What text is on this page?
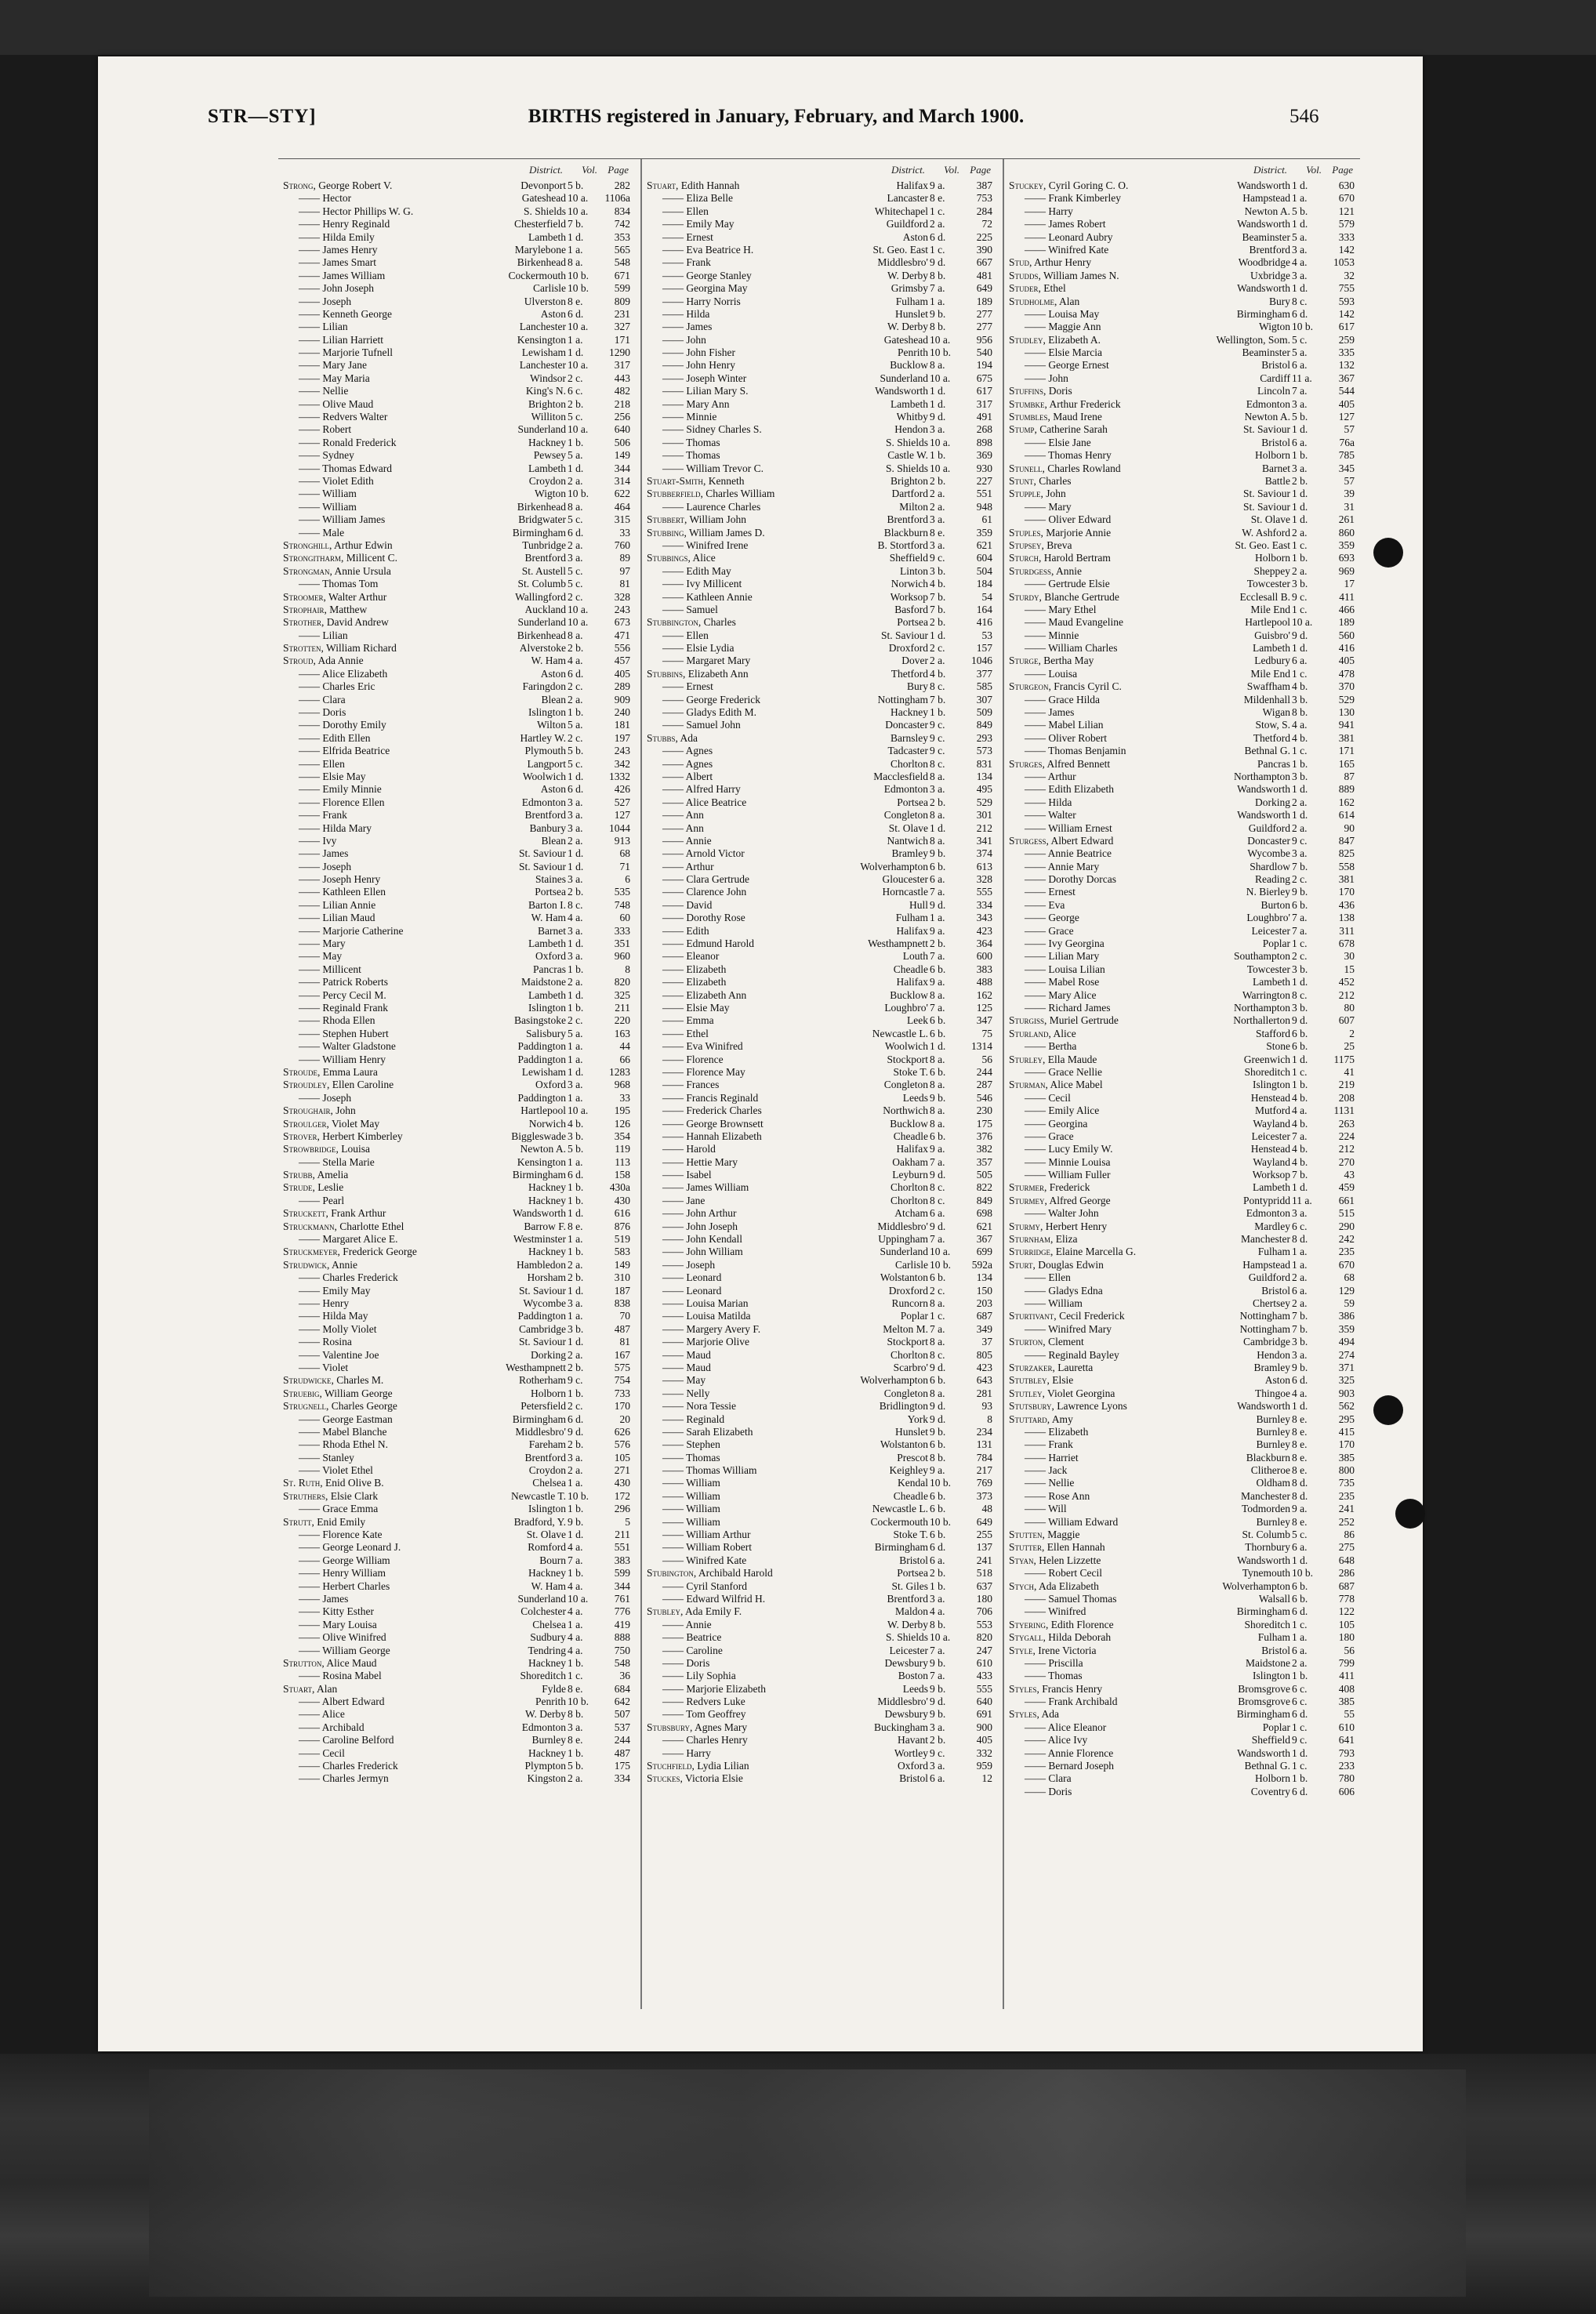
STR—STY]	BIRTHS registered in January, February, and March 1900.	546
District. Vol. Page
Strong, George Robert V.	Devonport 5 b.	282
—— Hector	Gateshead 10 a.	1106a
—— Hector Phillips W. G.	S. Shields 10 a.	834
—— Henry Reginald	Chesterfield 7 b.	742
—— Hilda Emily	Lambeth 1 d.	353
—— James Henry	Marylebone 1 a.	565
—— James Smart	Birkenhead 8 a.	548
—— James William	Cockermouth 10 b.	671
—— John Joseph	Carlisle 10 b.	599
—— Joseph	Ulverston 8 e.	809
—— Kenneth George	Aston 6 d.	231
—— Lilian	Lanchester 10 a.	327
—— Lilian Harriett	Kensington 1 a.	171
—— Marjorie Tufnell	Lewisham 1 d.	1290
—— Mary Jane	Lanchester 10 a.	317
—— May Maria	Windsor 2 c.	443
—— Nellie	King's N. 6 c.	482
—— Olive Maud	Brighton 2 b.	218
—— Redvers Walter	Williton 5 c.	256
—— Robert	Sunderland 10 a.	640
—— Ronald Frederick	Hackney 1 b.	506
—— Sydney	Pewsey 5 a.	149
—— Thomas Edward	Lambeth 1 d.	344
—— Violet Edith	Croydon 2 a.	314
—— William	Wigton 10 b.	622
—— William	Birkenhead 8 a.	464
—— William James	Bridgwater 5 c.	315
—— Male	Birmingham 6 d.	33
Stronghill, Arthur Edwin	Tunbridge 2 a.	760
Strongitharm, Millicent C.	Brentford 3 a.	89
Strongman, Annie Ursula	St. Austell 5 c.	97
—— Thomas Tom	St. Columb 5 c.	81
Stroomer, Walter Arthur	Wallingford 2 c.	328
Strophair, Matthew	Auckland 10 a.	243
Strother, David Andrew	Sunderland 10 a.	673
—— Lilian	Birkenhead 8 a.	471
Strotten, William Richard	Alverstoke 2 b.	556
Stroud, Ada Annie	W. Ham 4 a.	457
—— Alice Elizabeth	Aston 6 d.	405
—— Charles Eric	Faringdon 2 c.	289
—— Clara	Blean 2 a.	909
—— Doris	Islington 1 b.	240
—— Dorothy Emily	Wilton 5 a.	181
—— Edith Ellen	Hartley W. 2 c.	197
—— Elfrida Beatrice	Plymouth 5 b.	243
—— Ellen	Langport 5 c.	342
—— Elsie May	Woolwich 1 d.	1332
—— Emily Minnie	Aston 6 d.	426
—— Florence Ellen	Edmonton 3 a.	527
—— Frank	Brentford 3 a.	127
—— Hilda Mary	Banbury 3 a.	1044
—— Ivy	Blean 2 a.	913
—— James	St. Saviour 1 d.	68
—— Joseph	St. Saviour 1 d.	71
—— Joseph Henry	Staines 3 a.	6
—— Kathleen Ellen	Portsea 2 b.	535
—— Lilian Annie	Barton I. 8 c.	748
—— Lilian Maud	W. Ham 4 a.	60
—— Marjorie Catherine	Barnet 3 a.	333
—— Mary	Lambeth 1 d.	351
—— May	Oxford 3 a.	960
—— Millicent	Pancras 1 b.	8
—— Patrick Roberts	Maidstone 2 a.	820
—— Percy Cecil M.	Lambeth 1 d.	325
—— Reginald Frank	Islington 1 b.	211
—— Rhoda Ellen	Basingstoke 2 c.	220
—— Stephen Hubert	Salisbury 5 a.	163
—— Walter Gladstone	Paddington 1 a.	44
—— William Henry	Paddington 1 a.	66
Stroude, Emma Laura	Lewisham 1 d.	1283
Stroudley, Ellen Caroline	Oxford 3 a.	968
—— Joseph	Paddington 1 a.	33
Stroughair, John	Hartlepool 10 a.	195
Stroulger, Violet May	Norwich 4 b.	126
Strover, Herbert Kimberley	Biggleswade 3 b.	354
Strowbridge, Louisa	Newton A. 5 b.	119
—— Stella Marie	Kensington 1 a.	113
Strubb, Amelia	Birmingham 6 d.	158
Strude, Leslie	Hackney 1 b.	430a
—— Pearl	Hackney 1 b.	430
Struckett, Frank Arthur	Wandsworth 1 d.	616
Struckmann, Charlotte Ethel	Barrow F. 8 e.	876
—— Margaret Alice E.	Westminster 1 a.	519
Struckmeyer, Frederick George	Hackney 1 b.	583
Strudwick, Annie	Hambledon 2 a.	149
—— Charles Frederick	Horsham 2 b.	310
—— Emily May	St. Saviour 1 d.	187
—— Henry	Wycombe 3 a.	838
—— Hilda May	Paddington 1 a.	70
—— Molly Violet	Cambridge 3 b.	487
—— Rosina	St. Saviour 1 d.	81
—— Valentine Joe	Dorking 2 a.	167
—— Violet	Westhampnett 2 b.	575
Strudwicke, Charles M.	Rotherham 9 c.	754
Struebig, William George	Holborn 1 b.	733
Strugnell, Charles George	Petersfield 2 c.	170
—— George Eastman	Birmingham 6 d.	20
—— Mabel Blanche	Middlesbro' 9 d.	626
—— Rhoda Ethel N.	Fareham 2 b.	576
—— Stanley	Brentford 3 a.	105
—— Violet Ethel	Croydon 2 a.	271
St. Ruth, Enid Olive B.	Chelsea 1 a.	430
Struthers, Elsie Clark	Newcastle T. 10 b.	172
—— Grace Emma	Islington 1 b.	296
Strutt, Enid Emily	Bradford, Y. 9 b.	5
—— Florence Kate	St. Olave 1 d.	211
—— George Leonard J.	Romford 4 a.	551
—— George William	Bourn 7 a.	383
—— Henry William	Hackney 1 b.	599
—— Herbert Charles	W. Ham 4 a.	344
—— James	Sunderland 10 a.	761
—— Kitty Esther	Colchester 4 a.	776
—— Mary Louisa	Chelsea 1 a.	419
—— Olive Winifred	Sudbury 4 a.	888
—— William George	Tendring 4 a.	750
Strutton, Alice Maud	Hackney 1 b.	548
—— Rosina Mabel	Shoreditch 1 c.	36
Stuart, Alan	Fylde 8 e.	684
—— Albert Edward	Penrith 10 b.	642
—— Alice	W. Derby 8 b.	507
—— Archibald	Edmonton 3 a.	537
—— Caroline Belford	Burnley 8 e.	244
—— Cecil	Hackney 1 b.	487
—— Charles Frederick	Plympton 5 b.	175
—— Charles Jermyn	Kingston 2 a.	334
District. Vol. Page
Stuart, Edith Hannah	Halifax 9 a.	387
—— Eliza Belle	Lancaster 8 e.	753
—— Ellen	Whitechapel 1 c.	284
—— Emily May	Guildford 2 a.	72
—— Ernest	Aston 6 d.	225
—— Eva Beatrice H.	St. Geo. East 1 c.	390
—— Frank	Middlesbro' 9 d.	667
—— George Stanley	W. Derby 8 b.	481
—— Georgina May	Grimsby 7 a.	649
—— Harry Norris	Fulham 1 a.	189
—— Hilda	Hunslet 9 b.	277
—— James	W. Derby 8 b.	277
—— John	Gateshead 10 a.	956
—— John Fisher	Penrith 10 b.	540
—— John Henry	Bucklow 8 a.	194
—— Joseph Winter	Sunderland 10 a.	675
—— Lilian Mary S.	Wandsworth 1 d.	617
—— Mary Ann	Lambeth 1 d.	317
—— Minnie	Whitby 9 d.	491
—— Sidney Charles S.	Hendon 3 a.	268
—— Thomas	S. Shields 10 a.	898
—— Thomas	Castle W. 1 b.	369
—— William Trevor C.	S. Shields 10 a.	930
Stuart-Smith, Kenneth	Brighton 2 b.	227
Stubberfield, Charles William	Dartford 2 a.	551
—— Laurence Charles	Milton 2 a.	948
Stubbert, William John	Brentford 3 a.	61
Stubbing, William James D.	Blackburn 8 e.	359
—— Winifred Irene	B. Stortford 3 a.	621
Stubbings, Alice	Sheffield 9 c.	604
—— Edith May	Linton 3 b.	504
—— Ivy Millicent	Norwich 4 b.	184
—— Kathleen Annie	Worksop 7 b.	54
—— Samuel	Basford 7 b.	164
Stubbington, Charles	Portsea 2 b.	416
—— Ellen	St. Saviour 1 d.	53
—— Elsie Lydia	Droxford 2 c.	157
—— Margaret Mary	Dover 2 a.	1046
Stubbins, Elizabeth Ann	Thetford 4 b.	377
—— Ernest	Bury 8 c.	585
—— George Frederick	Nottingham 7 b.	307
—— Gladys Edith M.	Hackney 1 b.	509
—— Samuel John	Doncaster 9 c.	849
Stubbs, Ada	Barnsley 9 c.	293
—— Agnes	Tadcaster 9 c.	573
—— Agnes	Chorlton 8 c.	831
—— Albert	Macclesfield 8 a.	134
—— Alfred Harry	Edmonton 3 a.	495
—— Alice Beatrice	Portsea 2 b.	529
—— Ann	Congleton 8 a.	301
—— Ann	St. Olave 1 d.	212
—— Annie	Nantwich 8 a.	341
—— Arnold Victor	Bramley 9 b.	374
—— Arthur	Wolverhampton 6 b.	613
—— Clara Gertrude	Gloucester 6 a.	328
—— Clarence John	Horncastle 7 a.	555
—— David	Hull 9 d.	334
—— Dorothy Rose	Fulham 1 a.	343
—— Edith	Halifax 9 a.	423
—— Edmund Harold	Westhampnett 2 b.	364
—— Eleanor	Louth 7 a.	600
—— Elizabeth	Cheadle 6 b.	383
—— Elizabeth	Halifax 9 a.	488
—— Elizabeth Ann	Bucklow 8 a.	162
—— Elsie May	Loughbro' 7 a.	125
—— Emma	Leek 6 b.	347
—— Ethel	Newcastle L. 6 b.	75
—— Eva Winifred	Woolwich 1 d.	1314
—— Florence	Stockport 8 a.	56
—— Florence May	Stoke T. 6 b.	244
—— Frances	Congleton 8 a.	287
—— Francis Reginald	Leeds 9 b.	546
—— Frederick Charles	Northwich 8 a.	230
—— George Brownsett	Bucklow 8 a.	175
—— Hannah Elizabeth	Cheadle 6 b.	376
—— Harold	Halifax 9 a.	382
—— Hettie Mary	Oakham 7 a.	357
—— Isabel	Leyburn 9 d.	505
—— James William	Chorlton 8 c.	822
—— Jane	Chorlton 8 c.	849
—— John Arthur	Atcham 6 a.	698
—— John Joseph	Middlesbro' 9 d.	621
—— John Kendall	Uppingham 7 a.	367
—— John William	Sunderland 10 a.	699
—— Joseph	Carlisle 10 b.	592a
—— Leonard	Wolstanton 6 b.	134
—— Leonard	Droxford 2 c.	150
—— Louisa Marian	Runcorn 8 a.	203
—— Louisa Matilda	Poplar 1 c.	687
—— Margery Avery F.	Melton M. 7 a.	349
—— Marjorie Olive	Stockport 8 a.	37
—— Maud	Chorlton 8 c.	805
—— Maud	Scarbro' 9 d.	423
—— May	Wolverhampton 6 b.	643
—— Nelly	Congleton 8 a.	281
—— Nora Tessie	Bridlington 9 d.	93
—— Reginald	York 9 d.	8
—— Sarah Elizabeth	Hunslet 9 b.	234
—— Stephen	Wolstanton 6 b.	131
—— Thomas	Prescot 8 b.	784
—— Thomas William	Keighley 9 a.	217
—— William	Kendal 10 b.	769
—— William	Cheadle 6 b.	373
—— William	Newcastle L. 6 b.	48
—— William	Cockermouth 10 b.	649
—— William Arthur	Stoke T. 6 b.	255
—— William Robert	Birmingham 6 d.	137
—— Winifred Kate	Bristol 6 a.	241
Stubington, Archibald Harold	Portsea 2 b.	518
—— Cyril Stanford	St. Giles 1 b.	637
—— Edward Wilfrid H.	Brentford 3 a.	180
Stubley, Ada Emily F.	Maldon 4 a.	706
—— Annie	W. Derby 8 b.	553
—— Beatrice	S. Shields 10 a.	820
—— Caroline	Leicester 7 a.	247
—— Doris	Dewsbury 9 b.	610
—— Lily Sophia	Boston 7 a.	433
—— Marjorie Elizabeth	Leeds 9 b.	555
—— Redvers Luke	Middlesbro' 9 d.	640
—— Tom Geoffrey	Dewsbury 9 b.	691
Stubsbury, Agnes Mary	Buckingham 3 a.	900
—— Charles Henry	Havant 2 b.	405
—— Harry	Wortley 9 c.	332
Stuchfield, Lydia Lilian	Oxford 3 a.	959
Stuckes, Victoria Elsie	Bristol 6 a.	12
District. Vol. Page
Stuckey, Cyril Goring C. O.	Wandsworth 1 d.	630
—— Frank Kimberley	Hampstead 1 a.	670
—— Harry	Newton A. 5 b.	121
—— James Robert	Wandsworth 1 d.	579
—— Leonard Aubry	Beaminster 5 a.	333
—— Winifred Kate	Brentford 3 a.	142
Stud, Arthur Henry	Woodbridge 4 a.	1053
Studds, William James N.	Uxbridge 3 a.	32
Studer, Ethel	Wandsworth 1 d.	755
Studholme, Alan	Bury 8 c.	593
—— Louisa May	Birmingham 6 d.	142
—— Maggie Ann	Wigton 10 b.	617
Studley, Elizabeth A.	Wellington, Som. 5 c.	259
—— Elsie Marcia	Beaminster 5 a.	335
—— George Ernest	Bristol 6 a.	132
—— John	Cardiff 11 a.	367
Stuffins, Doris	Lincoln 7 a.	544
Stumbke, Arthur Frederick	Edmonton 3 a.	405
Stumbles, Maud Irene	Newton A. 5 b.	127
Stump, Catherine Sarah	St. Saviour 1 d.	57
—— Elsie Jane	Bristol 6 a.	76a
—— Thomas Henry	Holborn 1 b.	785
Stunell, Charles Rowland	Barnet 3 a.	345
Stunt, Charles	Battle 2 b.	57
Stupple, John	St. Saviour 1 d.	39
—— Mary	St. Saviour 1 d.	31
—— Oliver Edward	St. Olave 1 d.	261
Stuples, Marjorie Annie	W. Ashford 2 a.	860
Stupsey, Breva	St. Geo. East 1 c.	359
Sturch, Harold Bertram	Holborn 1 b.	693
Sturdgess, Annie	Sheppey 2 a.	969
—— Gertrude Elsie	Towcester 3 b.	17
Sturdy, Blanche Gertrude	Ecclesall B. 9 c.	411
—— Mary Ethel	Mile End 1 c.	466
—— Maud Evangeline	Hartlepool 10 a.	189
—— Minnie	Guisbro' 9 d.	560
—— William Charles	Lambeth 1 d.	416
Sturge, Bertha May	Ledbury 6 a.	405
—— Louisa	Mile End 1 c.	478
Sturgeon, Francis Cyril C.	Swaffham 4 b.	370
—— Grace Hilda	Mildenhall 3 b.	529
—— James	Wigan 8 b.	130
—— Mabel Lilian	Stow, S. 4 a.	941
—— Oliver Robert	Thetford 4 b.	381
—— Thomas Benjamin	Bethnal G. 1 c.	171
Sturges, Alfred Bennett	Pancras 1 b.	165
—— Arthur	Northampton 3 b.	87
—— Edith Elizabeth	Wandsworth 1 d.	889
—— Hilda	Dorking 2 a.	162
—— Walter	Wandsworth 1 d.	614
—— William Ernest	Guildford 2 a.	90
Sturgess, Albert Edward	Doncaster 9 c.	847
—— Annie Beatrice	Wycombe 3 a.	825
—— Annie Mary	Shardlow 7 b.	558
—— Dorothy Dorcas	Reading 2 c.	381
—— Ernest	N. Bierley 9 b.	170
—— Eva	Burton 6 b.	436
—— George	Loughbro' 7 a.	138
—— Grace	Leicester 7 a.	311
—— Ivy Georgina	Poplar 1 c.	678
—— Lilian Mary	Southampton 2 c.	30
—— Louisa Lilian	Towcester 3 b.	15
—— Mabel Rose	Lambeth 1 d.	452
—— Mary Alice	Warrington 8 c.	212
—— Richard James	Northampton 3 b.	80
Sturgiss, Muriel Gertrude	Northallerton 9 d.	607
Sturland, Alice	Stafford 6 b.	2
—— Bertha	Stone 6 b.	25
Sturley, Ella Maude	Greenwich 1 d.	1175
—— Grace Nellie	Shoreditch 1 c.	41
Sturman, Alice Mabel	Islington 1 b.	219
—— Cecil	Henstead 4 b.	208
—— Emily Alice	Mutford 4 a.	1131
—— Georgina	Wayland 4 b.	263
—— Grace	Leicester 7 a.	224
—— Lucy Emily W.	Henstead 4 b.	212
—— Minnie Louisa	Wayland 4 b.	270
—— William Fuller	Worksop 7 b.	43
Sturmer, Frederick	Lambeth 1 d.	459
Sturmey, Alfred George	Pontypridd 11 a.	661
—— Walter John	Edmonton 3 a.	515
Sturmy, Herbert Henry	Mardley 6 c.	290
Sturnham, Eliza	Manchester 8 d.	242
Sturridge, Elaine Marcella G.	Fulham 1 a.	235
Sturt, Douglas Edwin	Hampstead 1 a.	670
—— Ellen	Guildford 2 a.	68
—— Gladys Edna	Bristol 6 a.	129
—— William	Chertsey 2 a.	59
Sturtivant, Cecil Frederick	Nottingham 7 b.	386
—— Winifred Mary	Nottingham 7 b.	359
Sturton, Clement	Cambridge 3 b.	494
—— Reginald Bayley	Hendon 3 a.	274
Sturzaker, Lauretta	Bramley 9 b.	371
Stutbley, Elsie	Aston 6 d.	325
Stutley, Violet Georgina	Thingoe 4 a.	903
Stutsbury, Lawrence Lyons	Wandsworth 1 d.	562
Stuttard, Amy	Burnley 8 e.	295
—— Elizabeth	Burnley 8 e.	415
—— Frank	Burnley 8 e.	170
—— Harriet	Blackburn 8 e.	385
—— Jack	Clitheroe 8 e.	800
—— Nellie	Oldham 8 d.	735
—— Rose Ann	Manchester 8 d.	235
—— Will	Todmorden 9 a.	241
—— William Edward	Burnley 8 e.	252
Stutten, Maggie	St. Columb 5 c.	86
Stutter, Ellen Hannah	Thornbury 6 a.	275
Styan, Helen Lizzette	Wandsworth 1 d.	648
—— Robert Cecil	Tynemouth 10 b.	286
Stych, Ada Elizabeth	Wolverhampton 6 b.	687
—— Samuel Thomas	Walsall 6 b.	778
—— Winifred	Birmingham 6 d.	122
Styering, Edith Florence	Shoreditch 1 c.	105
Stygall, Hilda Deborah	Fulham 1 a.	180
Style, Irene Victoria	Bristol 6 a.	56
—— Priscilla	Maidstone 2 a.	799
—— Thomas	Islington 1 b.	411
Styles, Francis Henry	Bromsgrove 6 c.	408
—— Frank Archibald	Bromsgrove 6 c.	385
Styles, Ada	Birmingham 6 d.	55
—— Alice Eleanor	Poplar 1 c.	610
—— Alice Ivy	Sheffield 9 c.	641
—— Annie Florence	Wandsworth 1 d.	793
—— Bernard Joseph	Bethnal G. 1 c.	233
—— Clara	Holborn 1 b.	780
—— Doris	Coventry 6 d.	606
